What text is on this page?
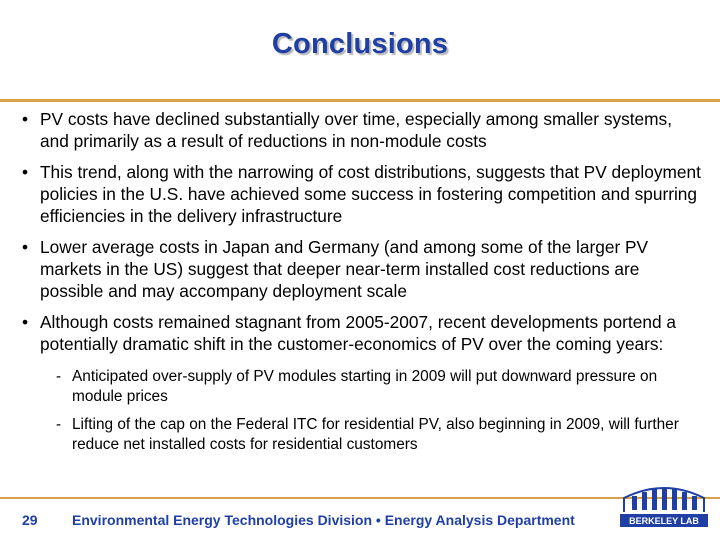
Conclusions
• PV costs have declined substantially over time, especially among smaller systems, and primarily as a result of reductions in non-module costs
• This trend, along with the narrowing of cost distributions, suggests that PV deployment policies in the U.S. have achieved some success in fostering competition and spurring efficiencies in the delivery infrastructure
• Lower average costs in Japan and Germany (and among some of the larger PV markets in the US) suggest that deeper near-term installed cost reductions are possible and may accompany deployment scale
• Although costs remained stagnant from 2005-2007, recent developments portend a potentially dramatic shift in the customer-economics of PV over the coming years:
- Anticipated over-supply of PV modules starting in 2009 will put downward pressure on module prices
- Lifting of the cap on the Federal ITC for residential PV, also beginning in 2009, will further reduce net installed costs for residential customers
29 Environmental Energy Technologies Division • Energy Analysis Department	BERKELEY LAB
